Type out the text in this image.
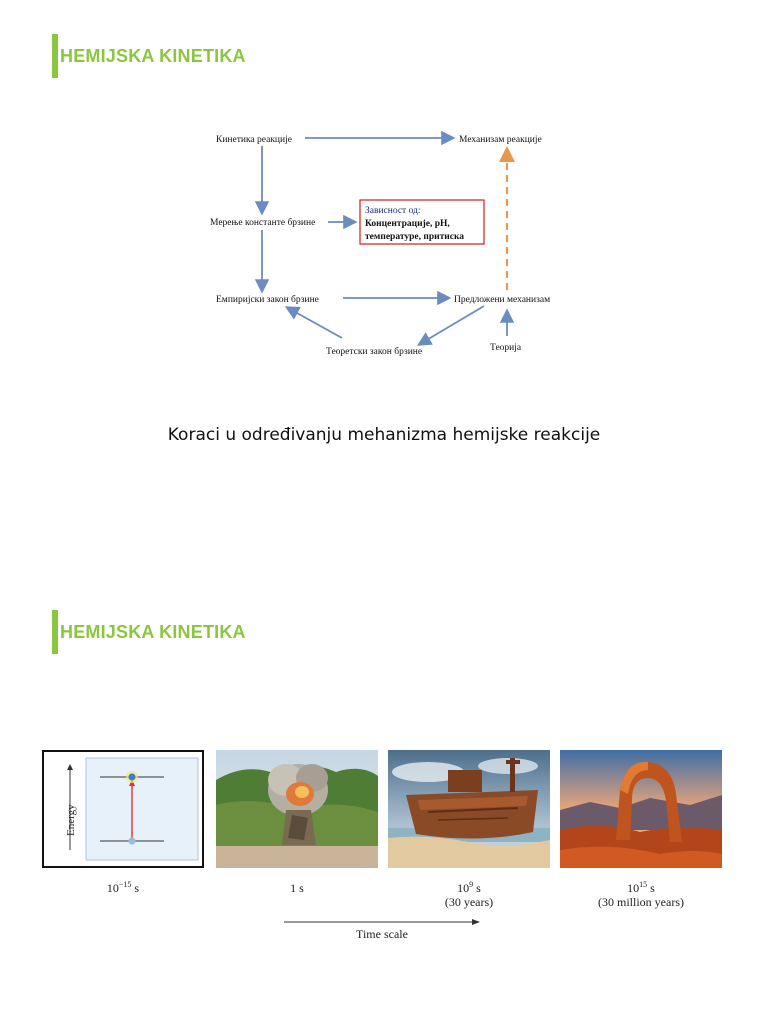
HEMIJSKA KINETIKA
Кинетика реакције	Механизам реакције
Мерење константе брзине
Зависност од:
Концентрације, pH,
температуре, притиска
Емпиријски закон брзине	Предложени механизам
Теоретски закон брзине	Теорија
Koraci u određivanju mehanizma hemijske reakcije
HEMIJSKA KINETIKA
Energy
$10^{-15}$ s	1 s	$10^9$ s
(30 years)
$10^{15}$ s
(30 million years)
Time scale
